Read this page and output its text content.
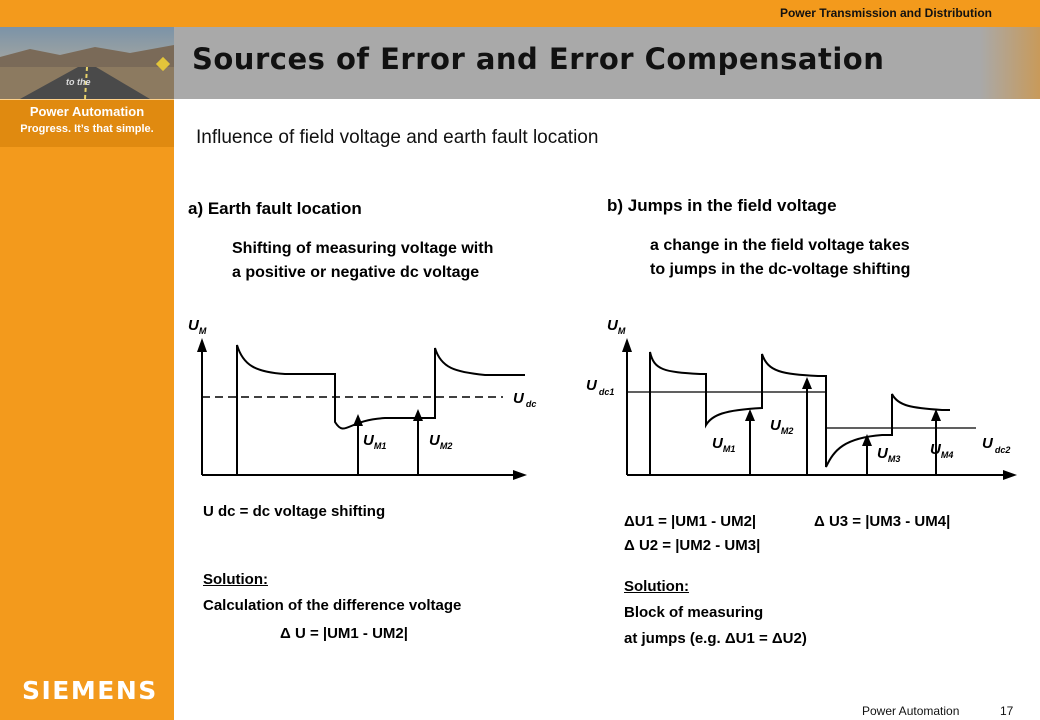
to the
Power Automation
Progress. It’s that simple.
Power Transmission and Distribution
Sources of Error and Error Compensation
Influence of field voltage and earth fault location
a) Earth fault location
Shifting of measuring voltage with
a positive or negative dc voltage
b) Jumps in the field voltage
a change in the field voltage takes
to jumps in the dc-voltage shifting
$U_M$
U $_{dc}$
$U_{M1}$	$U_{M2}$
$U_M$
U $_{dc1}$
U $_{dc2}$
$U_{M1}$
$U_{M2}$
$U_{M3}$
$U_{M4}$
U dc = dc voltage shifting
Solution:
Calculation of the difference voltage
Δ U = |UM1 - UM2|
ΔU1 = |UM1 - UM2|	Δ U3 = |UM3 - UM4|
Δ U2 = |UM2 - UM3|
Solution:
Block of measuring
at jumps (e.g. ΔU1 = ΔU2)
SIEMENS
Power Automation	17
